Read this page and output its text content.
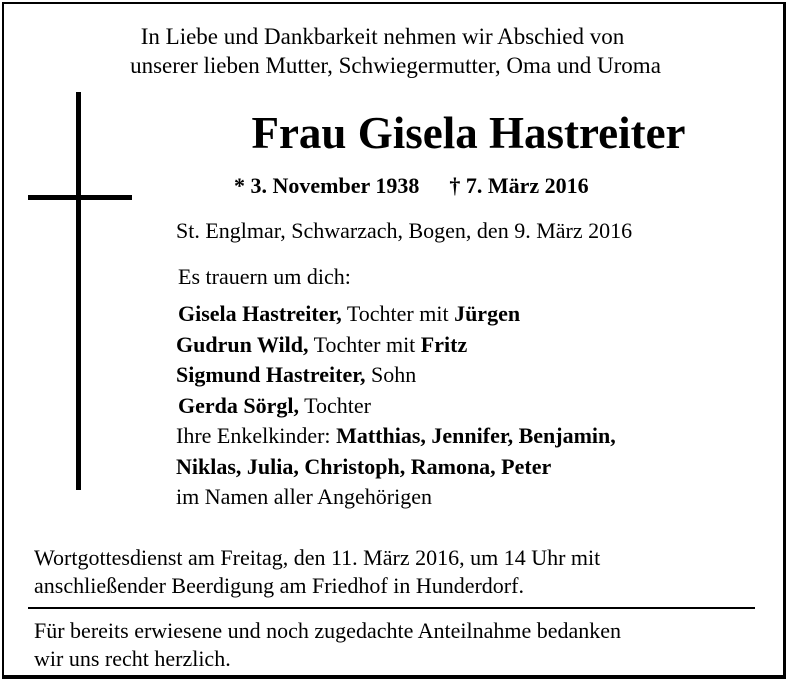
In Liebe und Dankbarkeit nehmen wir Abschied von
unserer lieben Mutter, Schwiegermutter, Oma und Uroma
Frau Gisela Hastreiter
* 3. November 1938 † 7. März 2016
St. Englmar, Schwarzach, Bogen, den 9. März 2016
Es trauern um dich:
Gisela Hastreiter, Tochter mit Jürgen
Gudrun Wild, Tochter mit Fritz
Sigmund Hastreiter, Sohn
Gerda Sörgl, Tochter
Ihre Enkelkinder: Matthias, Jennifer, Benjamin,
Niklas, Julia, Christoph, Ramona, Peter
im Namen aller Angehörigen
Wortgottesdienst am Freitag, den 11. März 2016, um 14 Uhr mit
anschließender Beerdigung am Friedhof in Hunderdorf.
Für bereits erwiesene und noch zugedachte Anteilnahme bedanken
wir uns recht herzlich.
